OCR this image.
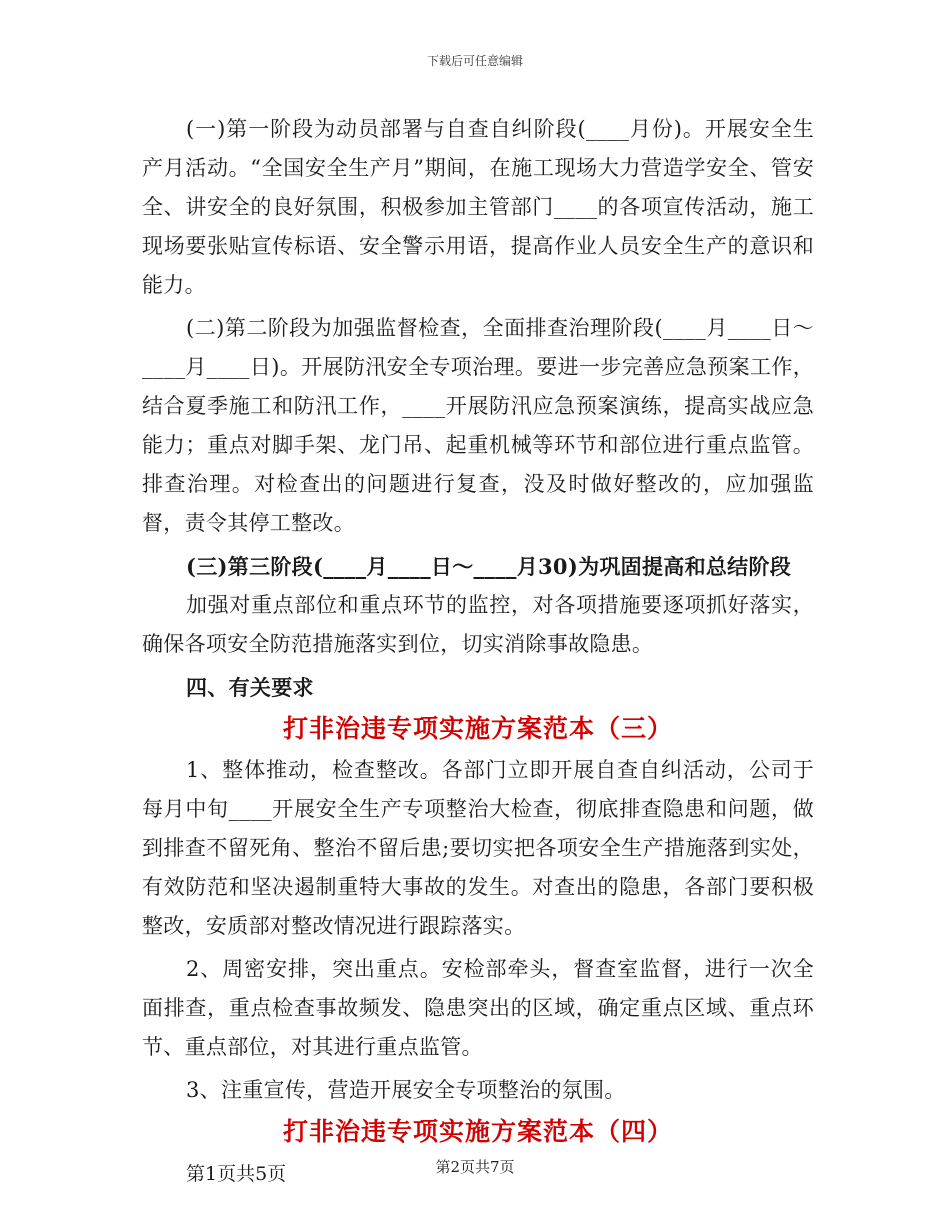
下载后可任意编辑

(一)第一阶段为动员部署与自查自纠阶段(____月份)。开展安全生产月活动。“全国安全生产月”期间，在施工现场大力营造学安全、管安全、讲安全的良好氛围，积极参加主管部门____的各项宣传活动，施工现场要张贴宣传标语、安全警示用语，提高作业人员安全生产的意识和能力。

(二)第二阶段为加强监督检查，全面排查治理阶段(____月____日～____月____日)。开展防汛安全专项治理。要进一步完善应急预案工作，结合夏季施工和防汛工作，____开展防汛应急预案演练，提高实战应急能力；重点对脚手架、龙门吊、起重机械等环节和部位进行重点监管。排查治理。对检查出的问题进行复查，没及时做好整改的，应加强监督，责令其停工整改。

(三)第三阶段(____月____日～____月30)为巩固提高和总结阶段

加强对重点部位和重点环节的监控，对各项措施要逐项抓好落实，确保各项安全防范措施落实到位，切实消除事故隐患。

四、有关要求

打非治违专项实施方案范本（三）

1、整体推动，检查整改。各部门立即开展自查自纠活动，公司于每月中旬____开展安全生产专项整治大检查，彻底排查隐患和问题，做到排查不留死角、整治不留后患;要切实把各项安全生产措施落到实处，有效防范和坚决遏制重特大事故的发生。对查出的隐患，各部门要积极整改，安质部对整改情况进行跟踪落实。

2、周密安排，突出重点。安检部牵头，督查室监督，进行一次全面排查，重点检查事故频发、隐患突出的区域，确定重点区域、重点环节、重点部位，对其进行重点监管。

3、注重宣传，营造开展安全专项整治的氛围。

打非治违专项实施方案范本（四）

第1页共5页	第2页共7页
